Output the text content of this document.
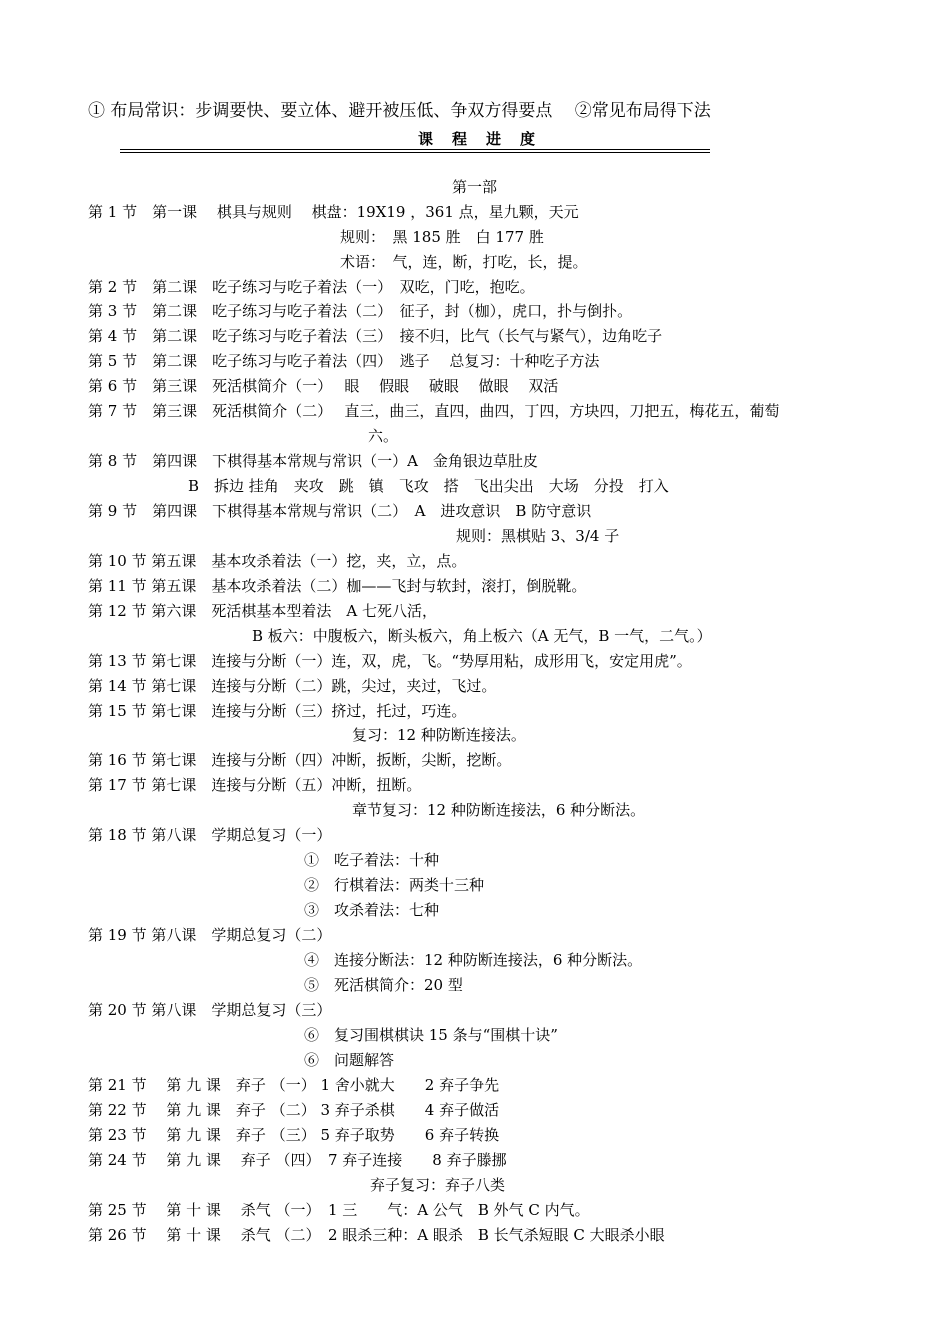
① 布局常识：步调要快、要立体、避开被压低、争双方得要点　 ②常见布局得下法
课　程　进　度
第一部
第 1 节　第一课　 棋具与规则　 棋盘：19X19 ，361 点，星九颗，天元
规则：　黑 185 胜　白 177 胜
术语：　气，连，断，打吃，长，提。
第 2 节　第二课　吃子练习与吃子着法（一）　双吃，门吃，抱吃。
第 3 节　第二课　吃子练习与吃子着法（二）　征子，封（枷），虎口，扑与倒扑。
第 4 节　第二课　吃子练习与吃子着法（三）　接不归，比气（长气与紧气），边角吃子
第 5 节　第二课　吃子练习与吃子着法（四）　逃子　 总复习：十种吃子方法
第 6 节　第三课　死活棋简介（一）　 眼　 假眼　 破眼　 做眼　 双活
第 7 节　第三课　死活棋简介（二）　 直三，曲三，直四，曲四，丁四，方块四，刀把五，梅花五，葡萄
六。
第 8 节　第四课　下棋得基本常规与常识（一）A　金角银边草肚皮
B　拆边 挂角　夹攻　跳　镇　飞攻　搭　飞出尖出　大场　分投　打入
第 9 节　第四课　下棋得基本常规与常识（二）　A　进攻意识　B 防守意识
规则：黑棋贴 3、3/4 子
第 10 节 第五课　基本攻杀着法（一）挖，夹，立，点。
第 11 节 第五课　基本攻杀着法（二）枷——飞封与软封，滚打，倒脱靴。
第 12 节 第六课　死活棋基本型着法　A 七死八活，
B 板六：中腹板六，断头板六，角上板六（A 无气，B 一气，二气。）
第 13 节 第七课　连接与分断（一）连，双，虎，飞。“势厚用粘，成形用飞，安定用虎”。
第 14 节 第七课　连接与分断（二）跳，尖过，夹过，飞过。
第 15 节 第七课　连接与分断（三）挤过，托过，巧连。
复习：12 种防断连接法。
第 16 节 第七课　连接与分断（四）冲断，扳断，尖断，挖断。
第 17 节 第七课　连接与分断（五）冲断，扭断。
章节复习：12 种防断连接法，6 种分断法。
第 18 节 第八课　学期总复习（一）
①　吃子着法：十种
②　行棋着法：两类十三种
③　攻杀着法：七种
第 19 节 第八课　学期总复习（二）
④　连接分断法：12 种防断连接法，6 种分断法。
⑤　死活棋简介：20 型
第 20 节 第八课　学期总复习（三）
⑥　复习围棋棋诀 15 条与“围棋十诀”
⑥　问题解答
第 21 节　 第 九 课　弃子 （一） 1 舍小就大　　2 弃子争先
第 22 节　 第 九 课　弃子 （二） 3 弃子杀棋　　4 弃子做活
第 23 节　 第 九 课　弃子 （三） 5 弃子取势　　6 弃子转换
第 24 节　 第 九 课　 弃子 （四）　7 弃子连接　　8 弃子滕挪
弃子复习：弃子八类
第 25 节　 第 十 课　 杀气 （一）　1 三　　气：A 公气　B 外气 C 内气。
第 26 节　 第 十 课　 杀气 （二）　2 眼杀三种：A 眼杀　B 长气杀短眼 C 大眼杀小眼
